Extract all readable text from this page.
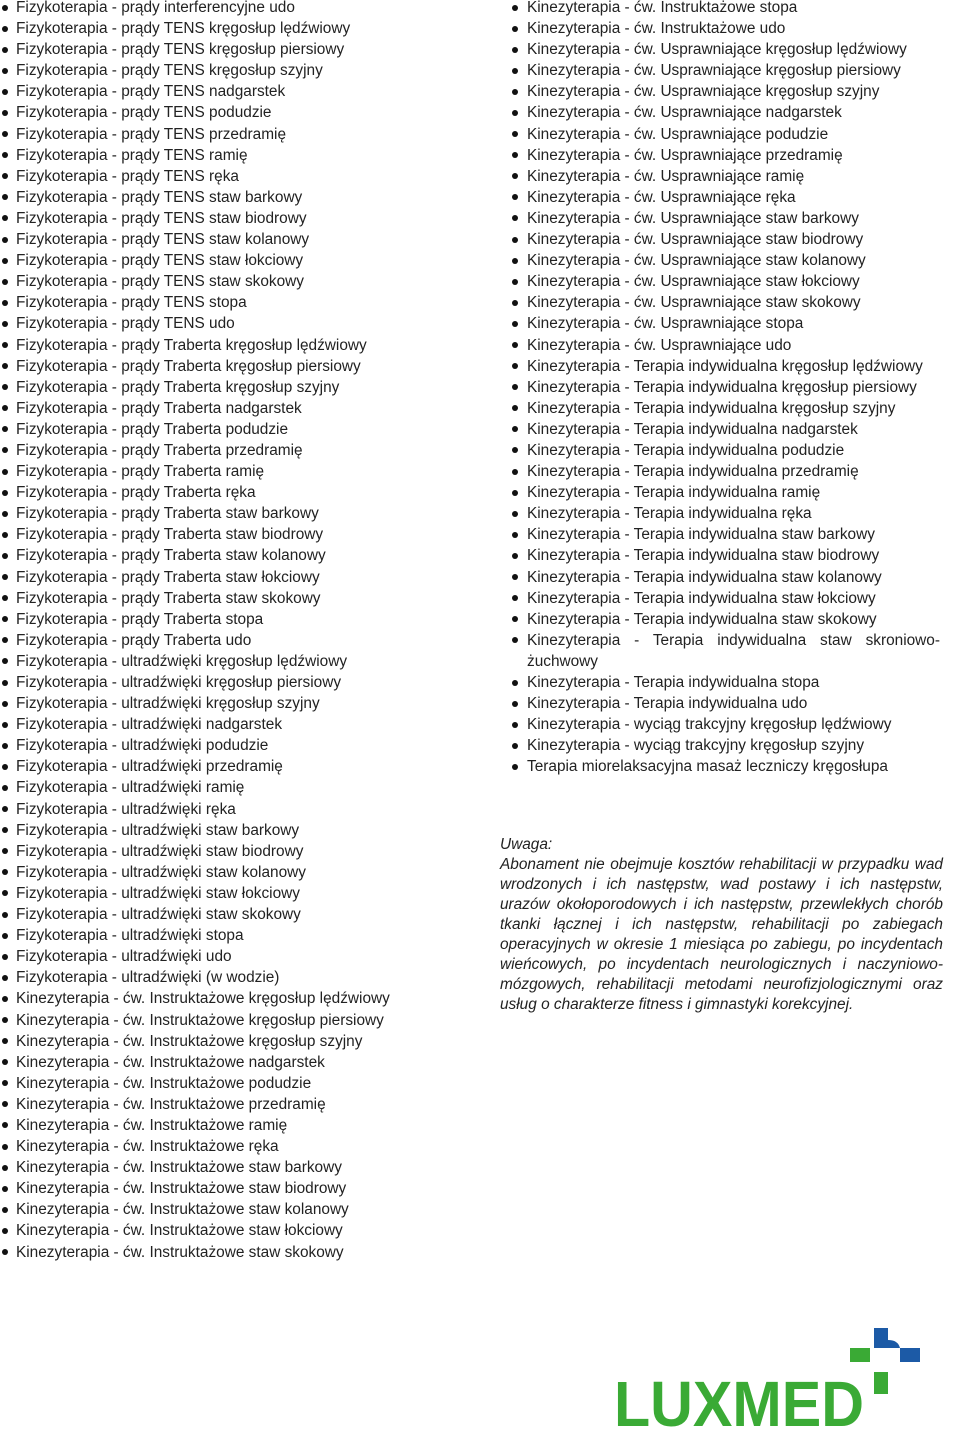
Fizykoterapia - prądy interferencyjne udo
Fizykoterapia - prądy TENS kręgosłup lędźwiowy
Fizykoterapia - prądy TENS kręgosłup piersiowy
Fizykoterapia - prądy TENS kręgosłup szyjny
Fizykoterapia - prądy TENS nadgarstek
Fizykoterapia - prądy TENS podudzie
Fizykoterapia - prądy TENS przedramię
Fizykoterapia - prądy TENS ramię
Fizykoterapia - prądy TENS ręka
Fizykoterapia - prądy TENS staw barkowy
Fizykoterapia - prądy TENS staw biodrowy
Fizykoterapia - prądy TENS staw kolanowy
Fizykoterapia - prądy TENS staw łokciowy
Fizykoterapia - prądy TENS staw skokowy
Fizykoterapia - prądy TENS stopa
Fizykoterapia - prądy TENS udo
Fizykoterapia - prądy Traberta kręgosłup lędźwiowy
Fizykoterapia - prądy Traberta kręgosłup piersiowy
Fizykoterapia - prądy Traberta kręgosłup szyjny
Fizykoterapia - prądy Traberta nadgarstek
Fizykoterapia - prądy Traberta podudzie
Fizykoterapia - prądy Traberta przedramię
Fizykoterapia - prądy Traberta ramię
Fizykoterapia - prądy Traberta ręka
Fizykoterapia - prądy Traberta staw barkowy
Fizykoterapia - prądy Traberta staw biodrowy
Fizykoterapia - prądy Traberta staw kolanowy
Fizykoterapia - prądy Traberta staw łokciowy
Fizykoterapia - prądy Traberta staw skokowy
Fizykoterapia - prądy Traberta stopa
Fizykoterapia - prądy Traberta udo
Fizykoterapia - ultradźwięki kręgosłup lędźwiowy
Fizykoterapia - ultradźwięki kręgosłup piersiowy
Fizykoterapia - ultradźwięki kręgosłup szyjny
Fizykoterapia - ultradźwięki nadgarstek
Fizykoterapia - ultradźwięki podudzie
Fizykoterapia - ultradźwięki przedramię
Fizykoterapia - ultradźwięki ramię
Fizykoterapia - ultradźwięki ręka
Fizykoterapia - ultradźwięki staw barkowy
Fizykoterapia - ultradźwięki staw biodrowy
Fizykoterapia - ultradźwięki staw kolanowy
Fizykoterapia - ultradźwięki staw łokciowy
Fizykoterapia - ultradźwięki staw skokowy
Fizykoterapia - ultradźwięki stopa
Fizykoterapia - ultradźwięki udo
Fizykoterapia - ultradźwięki (w wodzie)
Kinezyterapia - ćw. Instruktażowe kręgosłup lędźwiowy
Kinezyterapia - ćw. Instruktażowe kręgosłup piersiowy
Kinezyterapia - ćw. Instruktażowe kręgosłup szyjny
Kinezyterapia - ćw. Instruktażowe nadgarstek
Kinezyterapia - ćw. Instruktażowe podudzie
Kinezyterapia - ćw. Instruktażowe przedramię
Kinezyterapia - ćw. Instruktażowe ramię
Kinezyterapia - ćw. Instruktażowe ręka
Kinezyterapia - ćw. Instruktażowe staw barkowy
Kinezyterapia - ćw. Instruktażowe staw biodrowy
Kinezyterapia - ćw. Instruktażowe staw kolanowy
Kinezyterapia - ćw. Instruktażowe staw łokciowy
Kinezyterapia - ćw. Instruktażowe staw skokowy
Kinezyterapia - ćw. Instruktażowe stopa
Kinezyterapia - ćw. Instruktażowe udo
Kinezyterapia - ćw. Usprawniające kręgosłup lędźwiowy
Kinezyterapia - ćw. Usprawniające kręgosłup piersiowy
Kinezyterapia - ćw. Usprawniające kręgosłup szyjny
Kinezyterapia - ćw. Usprawniające nadgarstek
Kinezyterapia - ćw. Usprawniające podudzie
Kinezyterapia - ćw. Usprawniające przedramię
Kinezyterapia - ćw. Usprawniające ramię
Kinezyterapia - ćw. Usprawniające ręka
Kinezyterapia - ćw. Usprawniające staw barkowy
Kinezyterapia - ćw. Usprawniające staw biodrowy
Kinezyterapia - ćw. Usprawniające staw kolanowy
Kinezyterapia - ćw. Usprawniające staw łokciowy
Kinezyterapia - ćw. Usprawniające staw skokowy
Kinezyterapia - ćw. Usprawniające stopa
Kinezyterapia - ćw. Usprawniające udo
Kinezyterapia - Terapia indywidualna kręgosłup lędźwiowy
Kinezyterapia - Terapia indywidualna kręgosłup piersiowy
Kinezyterapia - Terapia indywidualna kręgosłup szyjny
Kinezyterapia - Terapia indywidualna nadgarstek
Kinezyterapia - Terapia indywidualna podudzie
Kinezyterapia - Terapia indywidualna przedramię
Kinezyterapia - Terapia indywidualna ramię
Kinezyterapia - Terapia indywidualna ręka
Kinezyterapia - Terapia indywidualna staw barkowy
Kinezyterapia - Terapia indywidualna staw biodrowy
Kinezyterapia - Terapia indywidualna staw kolanowy
Kinezyterapia - Terapia indywidualna staw łokciowy
Kinezyterapia - Terapia indywidualna staw skokowy
Kinezyterapia - Terapia indywidualna staw skroniowo-żuchwowy
Kinezyterapia - Terapia indywidualna stopa
Kinezyterapia - Terapia indywidualna udo
Kinezyterapia - wyciąg trakcyjny kręgosłup lędźwiowy
Kinezyterapia - wyciąg trakcyjny kręgosłup szyjny
Terapia miorelaksacyjna masaż leczniczy kręgosłupa

Uwaga:

Abonament nie obejmuje kosztów rehabilitacji w przypadku wad wrodzonych i ich następstw, wad postawy i ich następstw, urazów okołoporodowych i ich następstw, przewlekłych chorób tkanki łącznej i ich następstw, rehabilitacji po zabiegach operacyjnych w okresie 1 miesiąca po zabiegu, po incydentach wieńcowych, po incydentach neurologicznych i naczyniowo-mózgowych, rehabilitacji metodami neurofizjologicznymi oraz usług o charakterze fitness i gimnastyki korekcyjnej.

LUXMED
